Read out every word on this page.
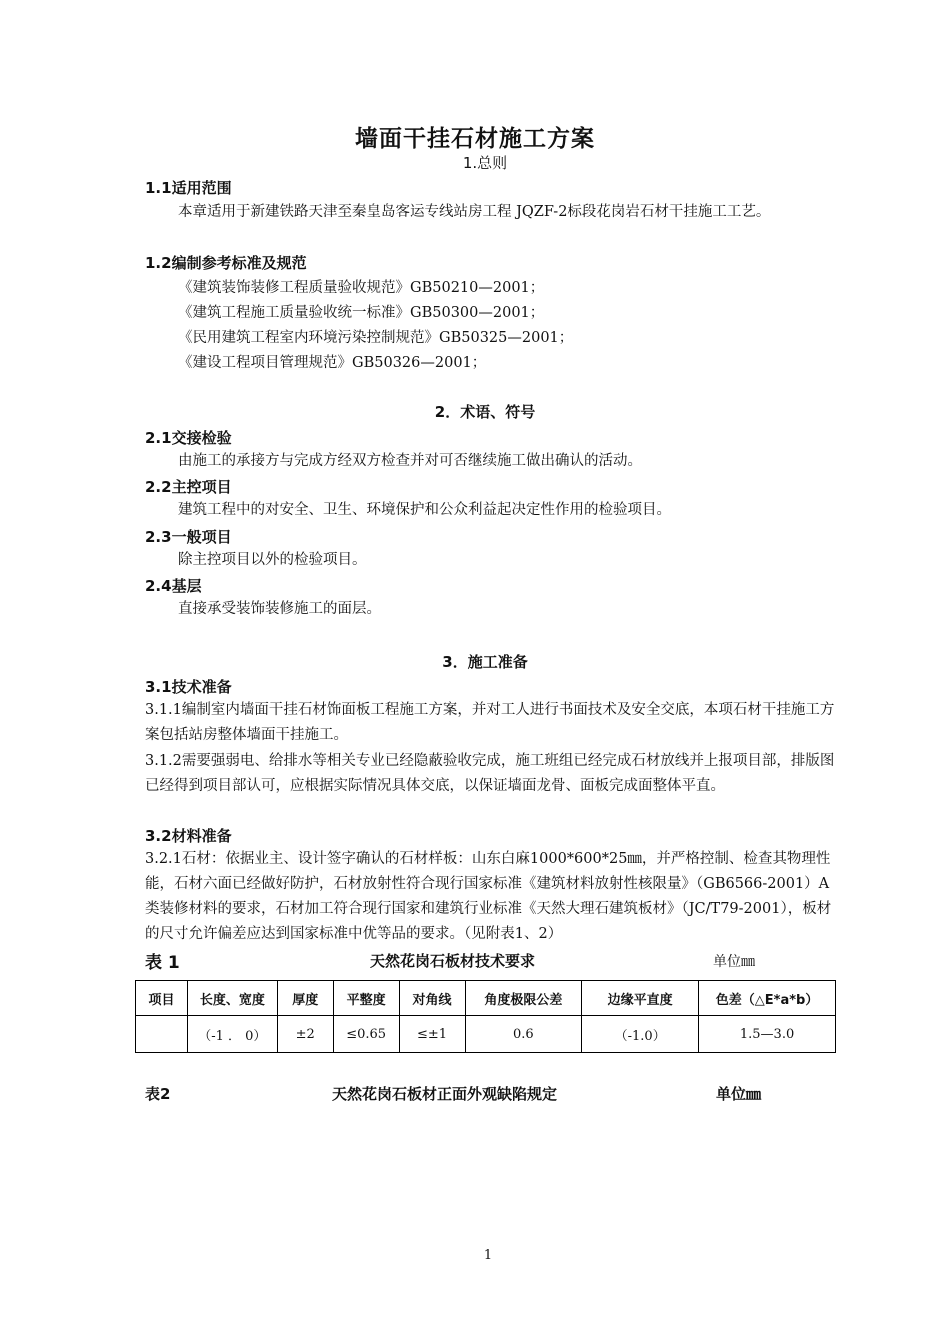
墙面干挂石材施工方案
1.总则
1.1适用范围
本章适用于新建铁路天津至秦皇岛客运专线站房工程 JQZF-2标段花岗岩石材干挂施工工艺。
1.2编制参考标准及规范
《建筑装饰装修工程质量验收规范》GB50210—2001；
《建筑工程施工质量验收统一标准》GB50300—2001；
《民用建筑工程室内环境污染控制规范》GB50325—2001；
《建设工程项目管理规范》GB50326—2001；
2．术语、符号
2.1交接检验
由施工的承接方与完成方经双方检查并对可否继续施工做出确认的活动。
2.2主控项目
建筑工程中的对安全、卫生、环境保护和公众利益起决定性作用的检验项目。
2.3一般项目
除主控项目以外的检验项目。
2.4基层
直接承受装饰装修施工的面层。
3．施工准备
3.1技术准备
3.1.1编制室内墙面干挂石材饰面板工程施工方案，并对工人进行书面技术及安全交底，本项石材干挂施工方案包括站房整体墙面干挂施工。
3.1.2需要强弱电、给排水等相关专业已经隐蔽验收完成，施工班组已经完成石材放线并上报项目部，排版图已经得到项目部认可，应根据实际情况具体交底，以保证墙面龙骨、面板完成面整体平直。
3.2材料准备
3.2.1石材：依据业主、设计签字确认的石材样板：山东白麻1000*600*25㎜，并严格控制、检查其物理性能，石材六面已经做好防护，石材放射性符合现行国家标准《建筑材料放射性核限量》（GB6566-2001）A类装修材料的要求，石材加工符合现行国家和建筑行业标准《天然大理石建筑板材》（JC/T79-2001），板材的尺寸允许偏差应达到国家标准中优等品的要求。（见附表1、2）
表 1	天然花岗石板材技术要求	单位㎜
项目	长度、宽度	厚度	平整度	对角线	角度极限公差	边缘平直度	色差（△E*a*b）
	（-1 ． 0）	±2	≤0.65	≤±1	0.6	（-1.0）	1.5—3.0
表2	天然花岗石板材正面外观缺陷规定	单位㎜
1
